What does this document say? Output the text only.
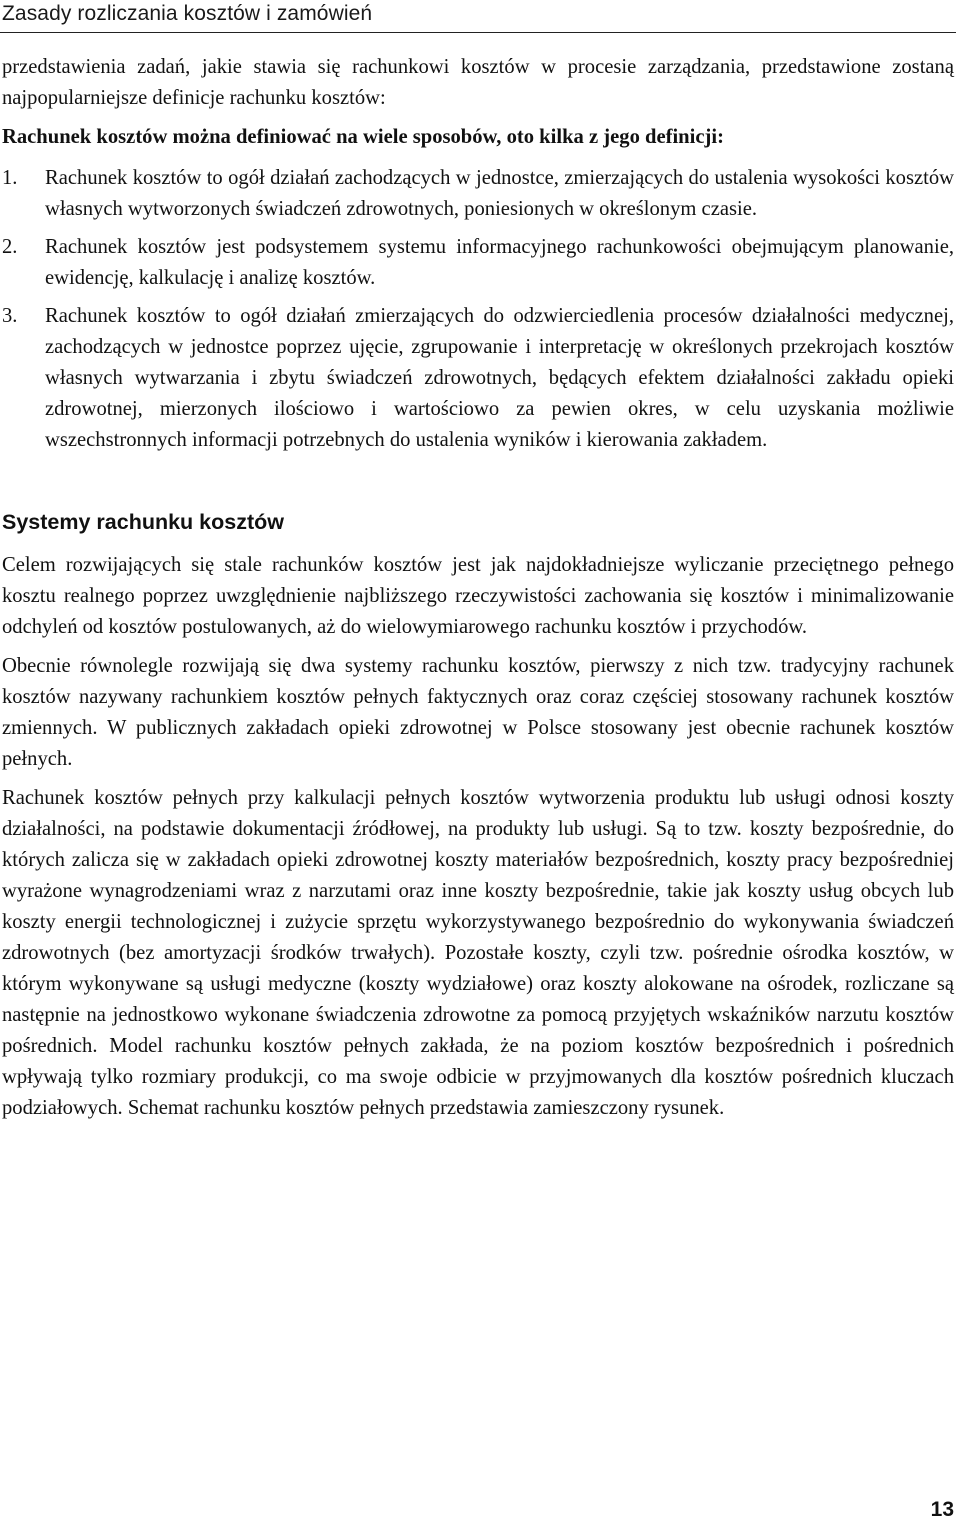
Zasady rozliczania kosztów i zamówień

przedstawienia zadań, jakie stawia się rachunkowi kosztów w procesie zarządzania, przedstawione zostaną najpopularniejsze definicje rachunku kosztów:

Rachunek kosztów można definiować na wiele sposobów, oto kilka z jego definicji:

1. Rachunek kosztów to ogół działań zachodzących w jednostce, zmierzających do ustalenia wysokości kosztów własnych wytworzonych świadczeń zdrowotnych, poniesionych w określonym czasie.
2. Rachunek kosztów jest podsystemem systemu informacyjnego rachunkowości obejmującym planowanie, ewidencję, kalkulację i analizę kosztów.
3. Rachunek kosztów to ogół działań zmierzających do odzwierciedlenia procesów działalności medycznej, zachodzących w jednostce poprzez ujęcie, zgrupowanie i interpretację w określonych przekrojach kosztów własnych wytwarzania i zbytu świadczeń zdrowotnych, będących efektem działalności zakładu opieki zdrowotnej, mierzonych ilościowo i wartościowo za pewien okres, w celu uzyskania możliwie wszechstronnych informacji potrzebnych do ustalenia wyników i kierowania zakładem.
Systemy rachunku kosztów

Celem rozwijających się stale rachunków kosztów jest jak najdokładniejsze wyliczanie przeciętnego pełnego kosztu realnego poprzez uwzględnienie najbliższego rzeczywistości zachowania się kosztów i minimalizowanie odchyleń od kosztów postulowanych, aż do wielowymiarowego rachunku kosztów i przychodów.

Obecnie równolegle rozwijają się dwa systemy rachunku kosztów, pierwszy z nich tzw. tradycyjny rachunek kosztów nazywany rachunkiem kosztów pełnych faktycznych oraz coraz częściej stosowany rachunek kosztów zmiennych. W publicznych zakładach opieki zdrowotnej w Polsce stosowany jest obecnie rachunek kosztów pełnych.

Rachunek kosztów pełnych przy kalkulacji pełnych kosztów wytworzenia produktu lub usługi odnosi koszty działalności, na podstawie dokumentacji źródłowej, na produkty lub usługi. Są to tzw. koszty bezpośrednie, do których zalicza się w zakładach opieki zdrowotnej koszty materiałów bezpośrednich, koszty pracy bezpośredniej wyrażone wynagrodzeniami wraz z narzutami oraz inne koszty bezpośrednie, takie jak koszty usług obcych lub koszty energii technologicznej i zużycie sprzętu wykorzystywanego bezpośrednio do wykonywania świadczeń zdrowotnych (bez amortyzacji środków trwałych). Pozostałe koszty, czyli tzw. pośrednie ośrodka kosztów, w którym wykonywane są usługi medyczne (koszty wydziałowe) oraz koszty alokowane na ośrodek, rozliczane są następnie na jednostkowo wykonane świadczenia zdrowotne za pomocą przyjętych wskaźników narzutu kosztów pośrednich. Model rachunku kosztów pełnych zakłada, że na poziom kosztów bezpośrednich i pośrednich wpływają tylko rozmiary produkcji, co ma swoje odbicie w przyjmowanych dla kosztów pośrednich kluczach podziałowych. Schemat rachunku kosztów pełnych przedstawia zamieszczony rysunek.

13
